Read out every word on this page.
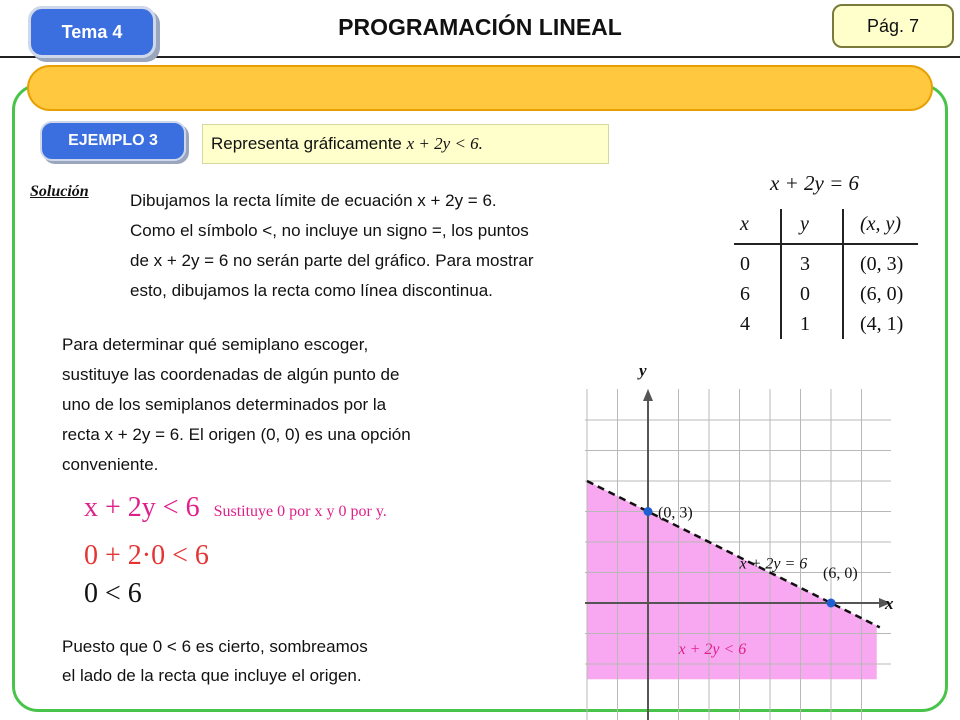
Tema 4	PROGRAMACIÓN LINEAL	Pág. 7
EJEMPLO 3	Representa gráficamente
x + 2y < 6.
Solución Dibujamos la recta límite de ecuación x + 2y = 6.
Como el símbolo <, no incluye un signo =, los puntos
de x + 2y = 6 no serán parte del gráfico. Para mostrar
esto, dibujamos la recta como línea discontinua.
Para determinar qué semiplano escoger,
sustituye las coordenadas de algún punto de
uno de los semiplanos determinados por la
recta x + 2y = 6. El origen (0, 0) es una opción
conveniente.
x + 2y < 6 Sustituye 0 por x y 0 por y.
0 + 2·0 < 6
0 < 6
Puesto que 0 < 6 es cierto, sombreamos
el lado de la recta que incluye el origen.
x + 2y = 6
x	y	(x, y)
0	3	(0, 3)
6	0	(6, 0)
4	1	(4, 1)
y
x
(0, 3)
(6, 0)
x + 2y = 6
x + 2y < 6
